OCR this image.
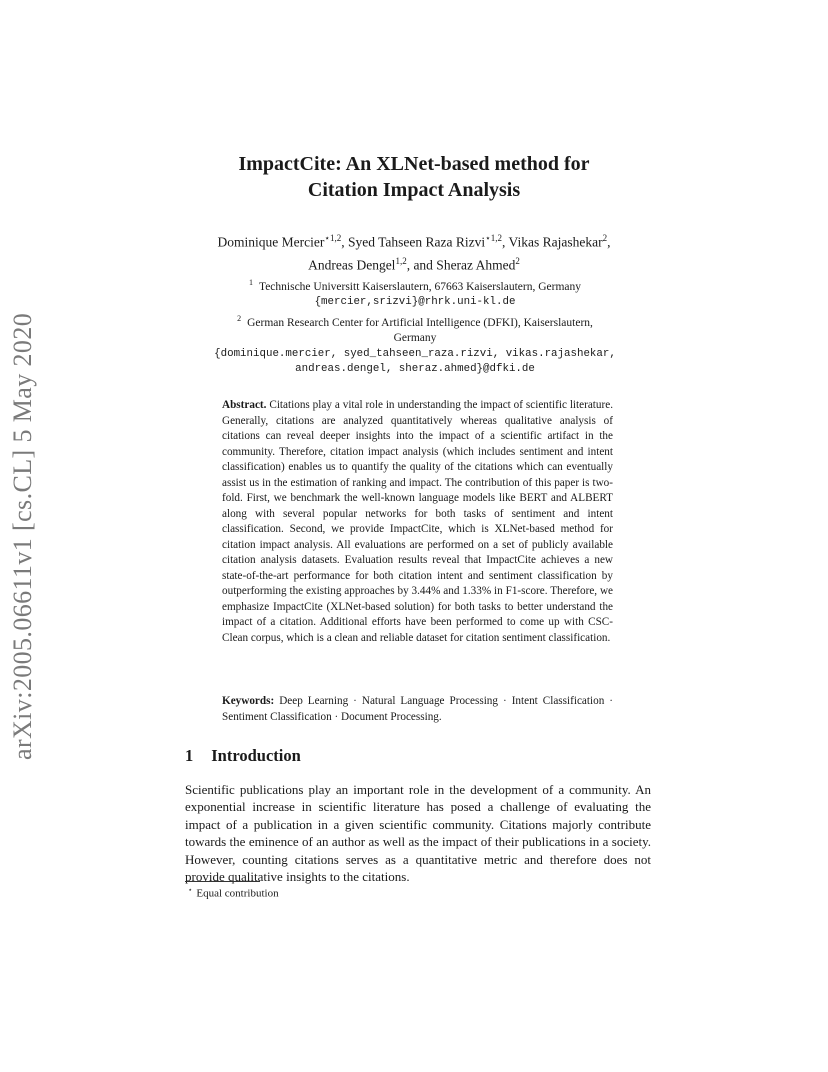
arXiv:2005.06611v1 [cs.CL] 5 May 2020
ImpactCite: An XLNet-based method for
Citation Impact Analysis
Dominique Mercier$^{⋆1,2}$, Syed Tahseen Raza Rizvi$^{⋆1,2}$, Vikas Rajashekar$^2$,
Andreas Dengel$^{1,2}$, and Sheraz Ahmed$^2$
$^1$ Technische Universitt Kaiserslautern, 67663 Kaiserslautern, Germany
{mercier,srizvi}@rhrk.uni-kl.de
$^2$ German Research Center for Artificial Intelligence (DFKI), Kaiserslautern,
Germany
{dominique.mercier, syed_tahseen_raza.rizvi, vikas.rajashekar,
andreas.dengel, sheraz.ahmed}@dfki.de
Abstract. Citations play a vital role in understanding the impact of scientific literature. Generally, citations are analyzed quantitatively whereas qualitative analysis of citations can reveal deeper insights into the impact of a scientific artifact in the community. Therefore, citation impact analysis (which includes sentiment and intent classification) enables us to quantify the quality of the citations which can eventually assist us in the estimation of ranking and impact. The contribution of this paper is two-fold. First, we benchmark the well-known language models like BERT and ALBERT along with several popular networks for both tasks of sentiment and intent classification. Second, we provide ImpactCite, which is XLNet-based method for citation impact analysis. All evaluations are performed on a set of publicly available citation analysis datasets. Evaluation results reveal that ImpactCite achieves a new state-of-the-art performance for both citation intent and sentiment classification by outperforming the existing approaches by 3.44% and 1.33% in F1-score. Therefore, we emphasize ImpactCite (XLNet-based solution) for both tasks to better understand the impact of a citation. Additional efforts have been performed to come up with CSC-Clean corpus, which is a clean and reliable dataset for citation sentiment classification.
Keywords: Deep Learning · Natural Language Processing · Intent Classification · Sentiment Classification · Document Processing.
1 Introduction
Scientific publications play an important role in the development of a community. An exponential increase in scientific literature has posed a challenge of evaluating the impact of a publication in a given scientific community. Citations majorly contribute towards the eminence of an author as well as the impact of their publications in a society. However, counting citations serves as a quantitative metric and therefore does not provide qualitative insights to the citations.
⋆ Equal contribution
